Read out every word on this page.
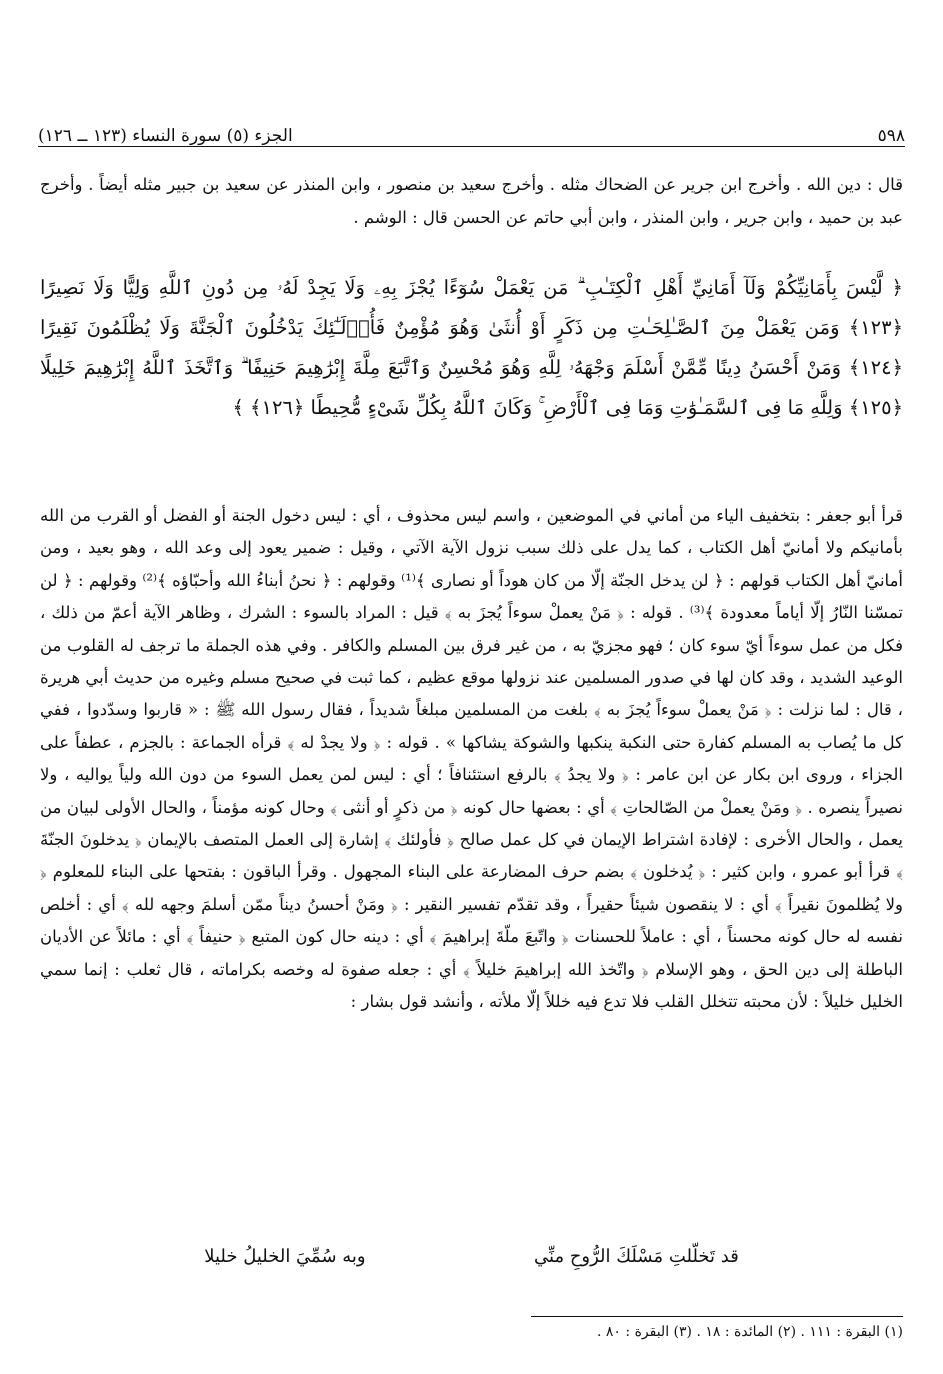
٥٩٨
الجزء (٥) سورة النساء (١٢٣ ــ ١٢٦)
قال : دين الله . وأخرج ابن جرير عن الضحاك مثله . وأخرج سعيد بن منصور ، وابن المنذر عن سعيد بن جبير مثله أيضاً . وأخرج عبد بن حميد ، وابن جرير ، وابن المنذر ، وابن أبي حاتم عن الحسن قال : الوشم .
﴿ لَّيْسَ بِأَمَانِيِّكُمْ وَلَآ أَمَانِيِّ أَهْلِ ٱلْكِتَـٰبِ ۗ مَن يَعْمَلْ سُوٓءًا يُجْزَ بِهِۦ وَلَا يَجِدْ لَهُۥ مِن دُونِ ٱللَّهِ وَلِيًّا وَلَا نَصِيرًا ﴿١٢٣﴾ وَمَن يَعْمَلْ مِنَ ٱلصَّـٰلِحَـٰتِ مِن ذَكَرٍ أَوْ أُنثَىٰ وَهُوَ مُؤْمِنٌ فَأُو۟لَـٰٓئِكَ يَدْخُلُونَ ٱلْجَنَّةَ وَلَا يُظْلَمُونَ نَقِيرًا ﴿١٢٤﴾ وَمَنْ أَحْسَنُ دِينًا مِّمَّنْ أَسْلَمَ وَجْهَهُۥ لِلَّهِ وَهُوَ مُحْسِنٌ وَٱتَّبَعَ مِلَّةَ إِبْرَٰهِيمَ حَنِيفًا ۗ وَٱتَّخَذَ ٱللَّهُ إِبْرَٰهِيمَ خَلِيلًا ﴿١٢٥﴾ وَلِلَّهِ مَا فِى ٱلسَّمَـٰوَٰتِ وَمَا فِى ٱلْأَرْضِ ۚ وَكَانَ ٱللَّهُ بِكُلِّ شَىْءٍ مُّحِيطًا ﴿١٢٦﴾ ﴾
قرأ أبو جعفر : بتخفيف الياء من أماني في الموضعين ، واسم ليس محذوف ، أي : ليس دخول الجنة أو الفضل أو القرب من الله بأمانيكم ولا أمانيّ أهل الكتاب ، كما يدل على ذلك سبب نزول الآية الآتي ، وقيل : ضمير يعود إلى وعد الله ، وهو بعيد ، ومن أمانيّ أهل الكتاب قولهم : ﴿ لن يدخل الجنّة إلّا من كان هوداً أو نصارى ﴾⁽¹⁾ وقولهم : ﴿ نحنُ أبناءُ الله وأحبّاؤه ﴾⁽²⁾ وقولهم : ﴿ لن تمسّنا النّارُ إلّا أياماً معدودة ﴾⁽³⁾ . قوله : ﴿ مَنْ يعملْ سوءاً يُجزَ به ﴾ قيل : المراد بالسوء : الشرك ، وظاهر الآية أعمّ من ذلك ، فكل من عمل سوءاً أيّ سوء كان ؛ فهو مجزيّ به ، من غير فرق بين المسلم والكافر . وفي هذه الجملة ما ترجف له القلوب من الوعيد الشديد ، وقد كان لها في صدور المسلمين عند نزولها موقع عظيم ، كما ثبت في صحيح مسلم وغيره من حديث أبي هريرة ، قال : لما نزلت : ﴿ مَنْ يعملْ سوءاً يُجزَ به ﴾ بلغت من المسلمين مبلغاً شديداً ، فقال رسول الله ﷺ : « قاربوا وسدّدوا ، ففي كل ما يُصاب به المسلم كفارة حتى النكبة ينكبها والشوكة يشاكها » . قوله : ﴿ ولا يجدْ له ﴾ قرأه الجماعة : بالجزم ، عطفاً على الجزاء ، وروى ابن بكار عن ابن عامر : ﴿ ولا يجدُ ﴾ بالرفع استئنافاً ؛ أي : ليس لمن يعمل السوء من دون الله ولياً يواليه ، ولا نصيراً ينصره . ﴿ ومَنْ يعملْ من الصّالحاتِ ﴾ أي : بعضها حال كونه ﴿ من ذكرٍ أو أنثى ﴾ وحال كونه مؤمناً ، والحال الأولى لبيان من يعمل ، والحال الأخرى : لإفادة اشتراط الإيمان في كل عمل صالح ﴿ فأولئك ﴾ إشارة إلى العمل المتصف بالإيمان ﴿ يدخلونَ الجنّةَ ﴾ قرأ أبو عمرو ، وابن كثير : ﴿ يُدخلون ﴾ بضم حرف المضارعة على البناء المجهول . وقرأ الباقون : بفتحها على البناء للمعلوم ﴿ ولا يُظلمونَ نقيراً ﴾ أي : لا ينقصون شيئاً حقيراً ، وقد تقدّم تفسير النقير : ﴿ ومَنْ أحسنُ ديناً ممّن أسلمَ وجهه لله ﴾ أي : أخلص نفسه له حال كونه محسناً ، أي : عاملاً للحسنات ﴿ واتّبعَ ملّةَ إبراهيمَ ﴾ أي : دينه حال كون المتبع ﴿ حنيفاً ﴾ أي : مائلاً عن الأديان الباطلة إلى دين الحق ، وهو الإسلام ﴿ واتّخذ الله إبراهيمَ خليلاً ﴾ أي : جعله صفوة له وخصه بكراماته ، قال ثعلب : إنما سمي الخليل خليلاً : لأن محبته تتخلل القلب فلا تدع فيه خللاً إلّا ملأته ، وأنشد قول بشار :
قد تَخلّلتِ مَسْلَكَ الرُّوحِ منِّي
وبه سُمِّيَ الخليلُ خليلا
(١) البقرة : ١١١ . (٢) المائدة : ١٨ . (٣) البقرة : ٨٠ .
